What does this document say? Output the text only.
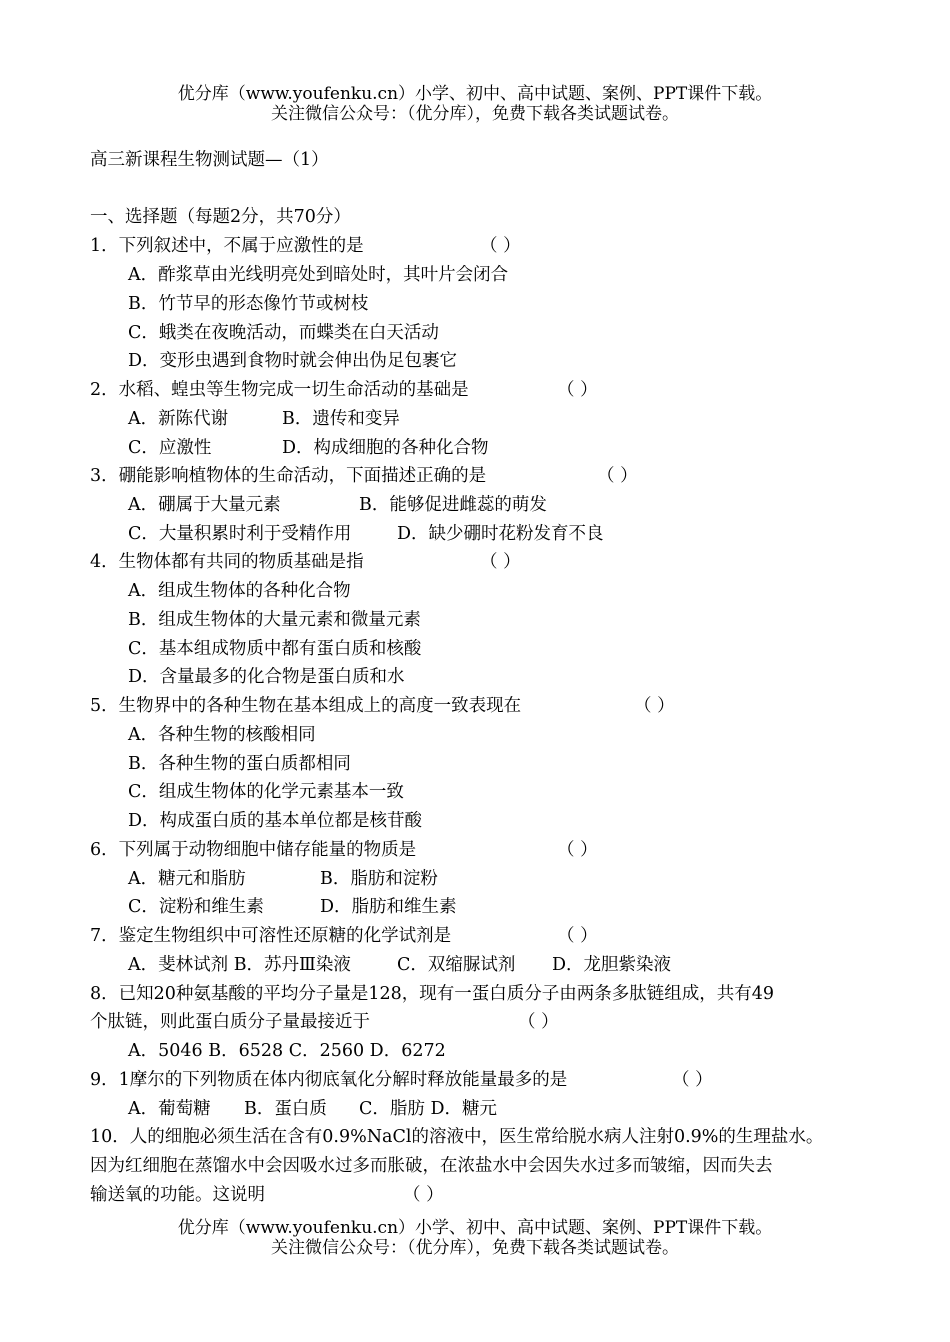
优分库（www.youfenku.cn）小学、初中、高中试题、案例、PPT课件下载。
关注微信公众号：（优分库），免费下载各类试题试卷。
高三新课程生物测试题—（1）
一、选择题（每题2分，共70分）
1．下列叙述中，不属于应激性的是	（ ）
A．酢浆草由光线明亮处到暗处时，其叶片会闭合
B．竹节早的形态像竹节或树枝
C．蛾类在夜晚活动，而蝶类在白天活动
D．变形虫遇到食物时就会伸出伪足包裹它
2．水稻、蝗虫等生物完成一切生命活动的基础是	（ ）
A．新陈代谢	B．遗传和变异
C．应激性	D．构成细胞的各种化合物
3．硼能影响植物体的生命活动，下面描述正确的是	（ ）
A．硼属于大量元素	B．能够促进雌蕊的萌发
C．大量积累时利于受精作用	D．缺少硼时花粉发育不良
4．生物体都有共同的物质基础是指	（ ）
A．组成生物体的各种化合物
B．组成生物体的大量元素和微量元素
C．基本组成物质中都有蛋白质和核酸
D．含量最多的化合物是蛋白质和水
5．生物界中的各种生物在基本组成上的高度一致表现在	（ ）
A．各种生物的核酸相同
B．各种生物的蛋白质都相同
C．组成生物体的化学元素基本一致
D．构成蛋白质的基本单位都是核苷酸
6．下列属于动物细胞中储存能量的物质是	（ ）
A．糖元和脂肪	B．脂肪和淀粉
C．淀粉和维生素	D．脂肪和维生素
7．鉴定生物组织中可溶性还原糖的化学试剂是	（ ）
A．斐林试剂 B．苏丹Ⅲ染液	C．双缩脲试剂 D．龙胆紫染液
8．已知20种氨基酸的平均分子量是128，现有一蛋白质分子由两条多肽链组成，共有49
个肽链，则此蛋白质分子量最接近于	（ ）
A．5046 B．6528 C．2560 D．6272
9．1摩尔的下列物质在体内彻底氧化分解时释放能量最多的是	（ ）
A．葡萄糖 B．蛋白质 C．脂肪 D．糖元
10．人的细胞必须生活在含有0.9%NaCl的溶液中，医生常给脱水病人注射0.9%的生理盐水。
因为红细胞在蒸馏水中会因吸水过多而胀破，在浓盐水中会因失水过多而皱缩，因而失去
输送氧的功能。这说明	（ ）
优分库（www.youfenku.cn）小学、初中、高中试题、案例、PPT课件下载。
关注微信公众号：（优分库），免费下载各类试题试卷。
